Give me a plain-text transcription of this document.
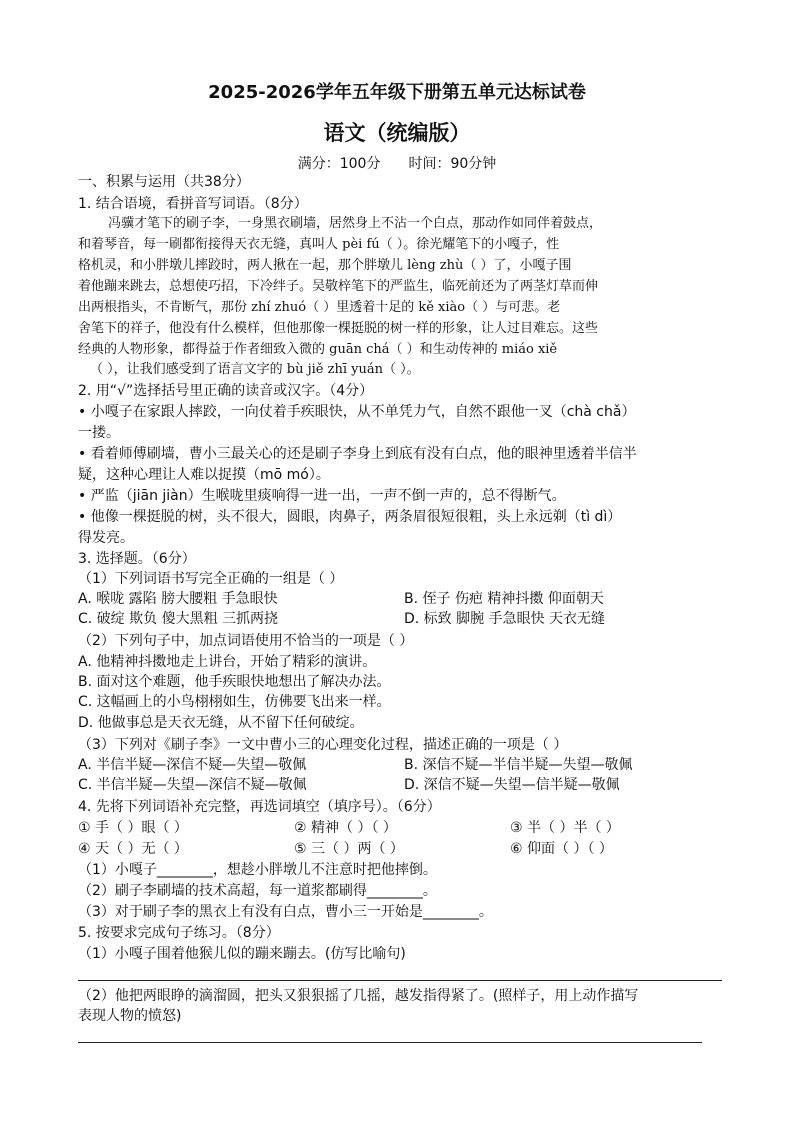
2025-2026学年五年级下册第五单元达标试卷
语文（统编版）
满分：100分 时间：90分钟
一、积累与运用（共38分）
1. 结合语境，看拼音写词语。（8分）
冯骥才笔下的刷子李，一身黑衣刷墙，居然身上不沾一个白点，那动作如同伴着鼓点，
和着琴音，每一刷都衔接得天衣无缝，真叫人 pèi fú（ ）。徐光耀笔下的小嘎子，性
格机灵，和小胖墩儿摔跤时，两人揪在一起，那个胖墩儿 lèng zhù（ ）了，小嘎子围
着他蹦来跳去，总想使巧招，下冷绊子。吴敬梓笔下的严监生，临死前还为了两茎灯草而伸
出两根指头，不肯断气，那份 zhí zhuó（ ）里透着十足的 kě xiào（ ）与可悲。老
舍笔下的祥子，他没有什么模样，但他那像一棵挺脱的树一样的形象，让人过目难忘。这些
经典的人物形象，都得益于作者细致入微的 guān chá（ ）和生动传神的 miáo xiě
（ ），让我们感受到了语言文字的 bù jiě zhī yuán（ ）。
2. 用“√”选择括号里正确的读音或汉字。（4分）
• 小嘎子在家跟人摔跤，一向仗着手疾眼快，从不单凭力气，自然不跟他一叉（chà chǎ）
一搂。
• 看着师傅刷墙，曹小三最关心的还是刷子李身上到底有没有白点，他的眼神里透着半信半
疑，这种心理让人难以捉摸（mō mó）。
• 严监（jiān jiàn）生喉咙里痰响得一进一出，一声不倒一声的，总不得断气。
• 他像一棵挺脱的树，头不很大，圆眼，肉鼻子，两条眉很短很粗，头上永远剃（tì dì）
得发亮。
3. 选择题。（6分）
（1）下列词语书写完全正确的一组是（ ）
A. 喉咙 露陷 膀大腰粗 手急眼快	B. 侄子 伤疤 精神抖擞 仰面朝天
C. 破绽 欺负 傻大黑粗 三抓两挠	D. 标致 脚腕 手急眼快 天衣无缝
（2）下列句子中，加点词语使用不恰当的一项是（ ）
A. 他精神抖擞地走上讲台，开始了精彩的演讲。
B. 面对这个难题，他手疾眼快地想出了解决办法。
C. 这幅画上的小鸟栩栩如生，仿佛要飞出来一样。
D. 他做事总是天衣无缝，从不留下任何破绽。
（3）下列对《刷子李》一文中曹小三的心理变化过程，描述正确的一项是（ ）
A. 半信半疑—深信不疑—失望—敬佩	B. 深信不疑—半信半疑—失望—敬佩
C. 半信半疑—失望—深信不疑—敬佩	D. 深信不疑—失望—信半疑—敬佩
4. 先将下列词语补充完整，再选词填空（填序号）。（6分）
① 手（ ）眼（ ）	② 精神（ ）（ ）	③ 半（ ）半（ ）
④ 天（ ）无（ ）	⑤ 三（ ）两（ ）	⑥ 仰面（ ）（ ）
（1）小嘎子________，想趁小胖墩儿不注意时把他摔倒。
（2）刷子李刷墙的技术高超，每一道浆都刷得________。
（3）对于刷子李的黑衣上有没有白点，曹小三一开始是________。
5. 按要求完成句子练习。（8分）
（1）小嘎子围着他猴儿似的蹦来蹦去。(仿写比喻句)
（2）他把两眼睁的滴溜圆，把头又狠狠摇了几摇，越发指得紧了。(照样子，用上动作描写
表现人物的愤怒)
